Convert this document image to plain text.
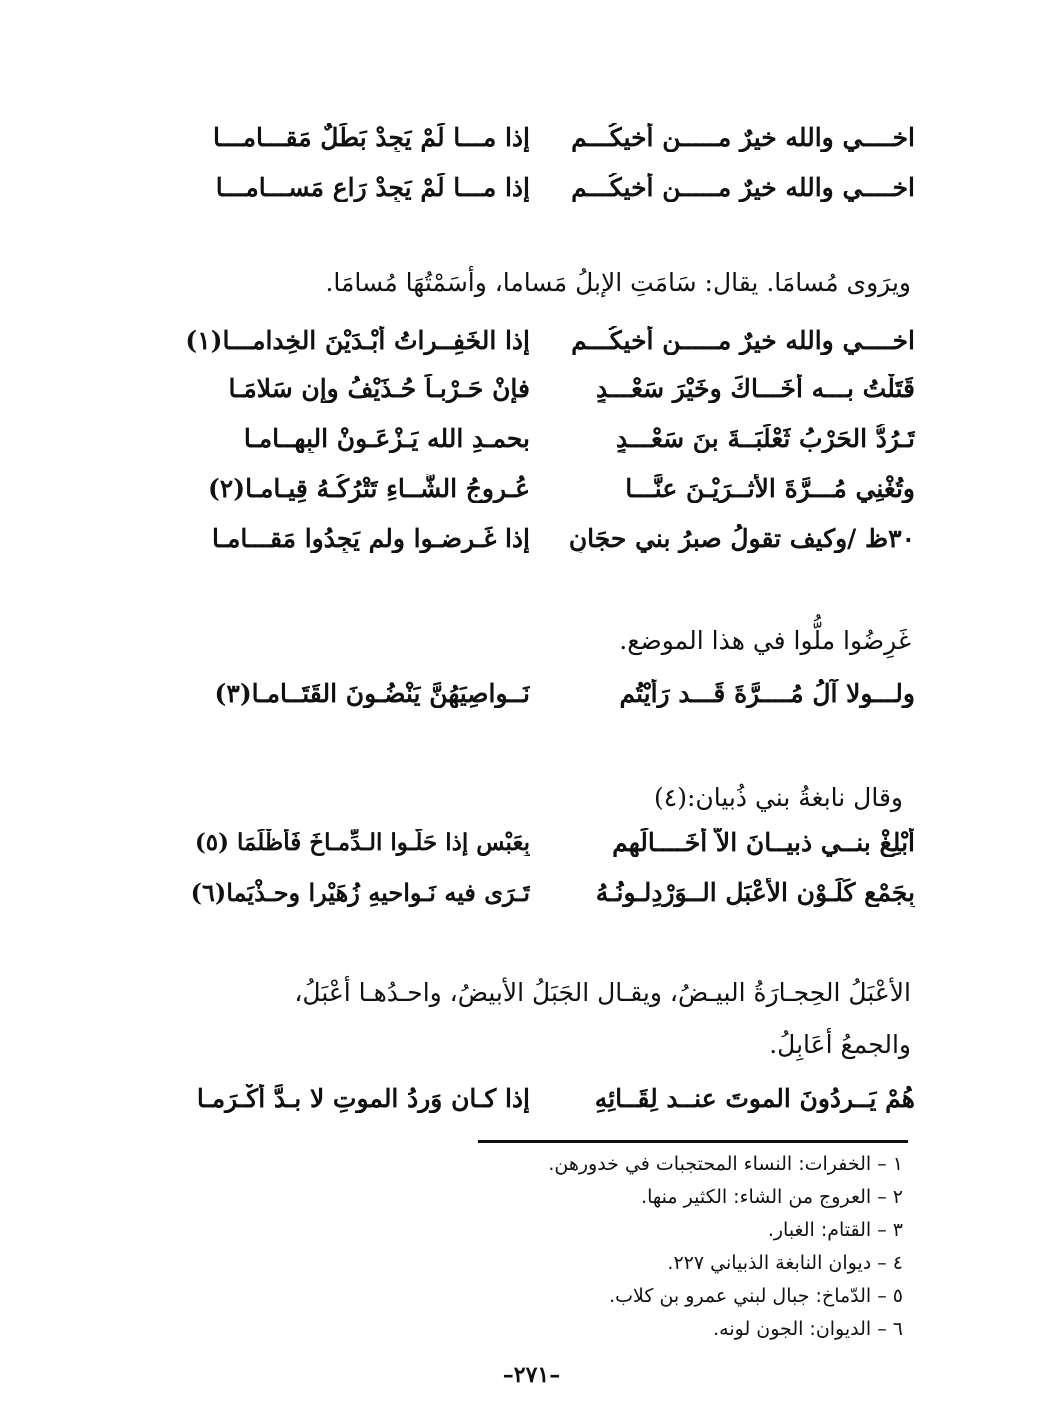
اخــــي والله خيرٌ مـــــن أخيكُـــم
إذا مـــا لَمْ يَجِدْ بَطَلٌ مَقـــامـــا
اخــــي والله خيرٌ مـــــن أخيكُـــم
إذا مـــا لَمْ يَجِدْ رَاعٍ مَســـامـــا
ويرَوى مُسامَا. يقال: سَامَتِ الإبلُ مَساما، وأسَمْتُهَا مُسامَا.
اخــــي والله خيرٌ مـــــن أخيكُـــم
إذا الخَفِــراتُ أبْـدَيْنَ الخِدامـــا(١)
قَتَلْتُ بـــه أخَـــاكَ وخَيْرَ سَعْـــدٍ
فإنْ حَـرْبـاً حُـذَيْفُ وإن سَلامَـا
تَـرُدُّ الحَرْبُ ثَعْلَبَــةَ بنَ سَعْـــدٍ
بحمـدِ الله يَـزْعَـونْ البِهــامـا
وتُغْنِي مُـــرَّةَ الأثــرَيْـنَ عنَّـــا
عُـروجُ الشَّــاءِ تَتْرُكُـهُ قِيـامـا(٢)
٣٠ظ /وكيف تقولُ صبرُ بني حجَانٍ
إذا غَـرِضـوا ولم يَجِدُوا مَقـــامـا
غَرِضُوا ملُّوا في هذا الموضع.
ولـــولا آلُ مُــــرَّةَ قَـــد رَأَيْتُم
نَــواصِيَهُنَّ يَنْضُـونَ القَتَــامـا(٣)
وقال نابغةُ بني ذُبيان:(٤)
أبْلِغْ بنــي ذبيــانَ الاَّ أخَــــالَهم
بِعَبْسٍ إذا حَلُّـوا الـدِّمـاخَ فَأظْلَمَا (٥)
بِجَمْعٍ كَلَـوْنِ الأعْبَلِ الــوَرْدِلـونُـهُ
تَـرَى فيه نَـواحيهِ زُهَيْرا وحـذْيَما(٦)
الأعْبَلُ الحِجـارَةُ البيـضُ، ويقـال الجَبَلُ الأبيضُ، واحـدُهـا أعْبَلُ،
والجمعُ أعَابِلُ.
هُمْ يَــرِدُونَ الموتَ عنــد لِقَــائِهِ
إذا كـان وَردُ الموتِ لا بـدَّ أكْـرَمـا
١ – الخفرات: النساء المحتجبات في خدورهن.
٢ – العروج من الشاء: الكثير منها.
٣ – القتام: الغبار.
٤ – ديوان النابغة الذبياني ٢٢٧.
٥ – الدّماخ: جبال لبني عمرو بن كلاب.
٦ – الديوان: الجون لونه.
–٢٧١–
